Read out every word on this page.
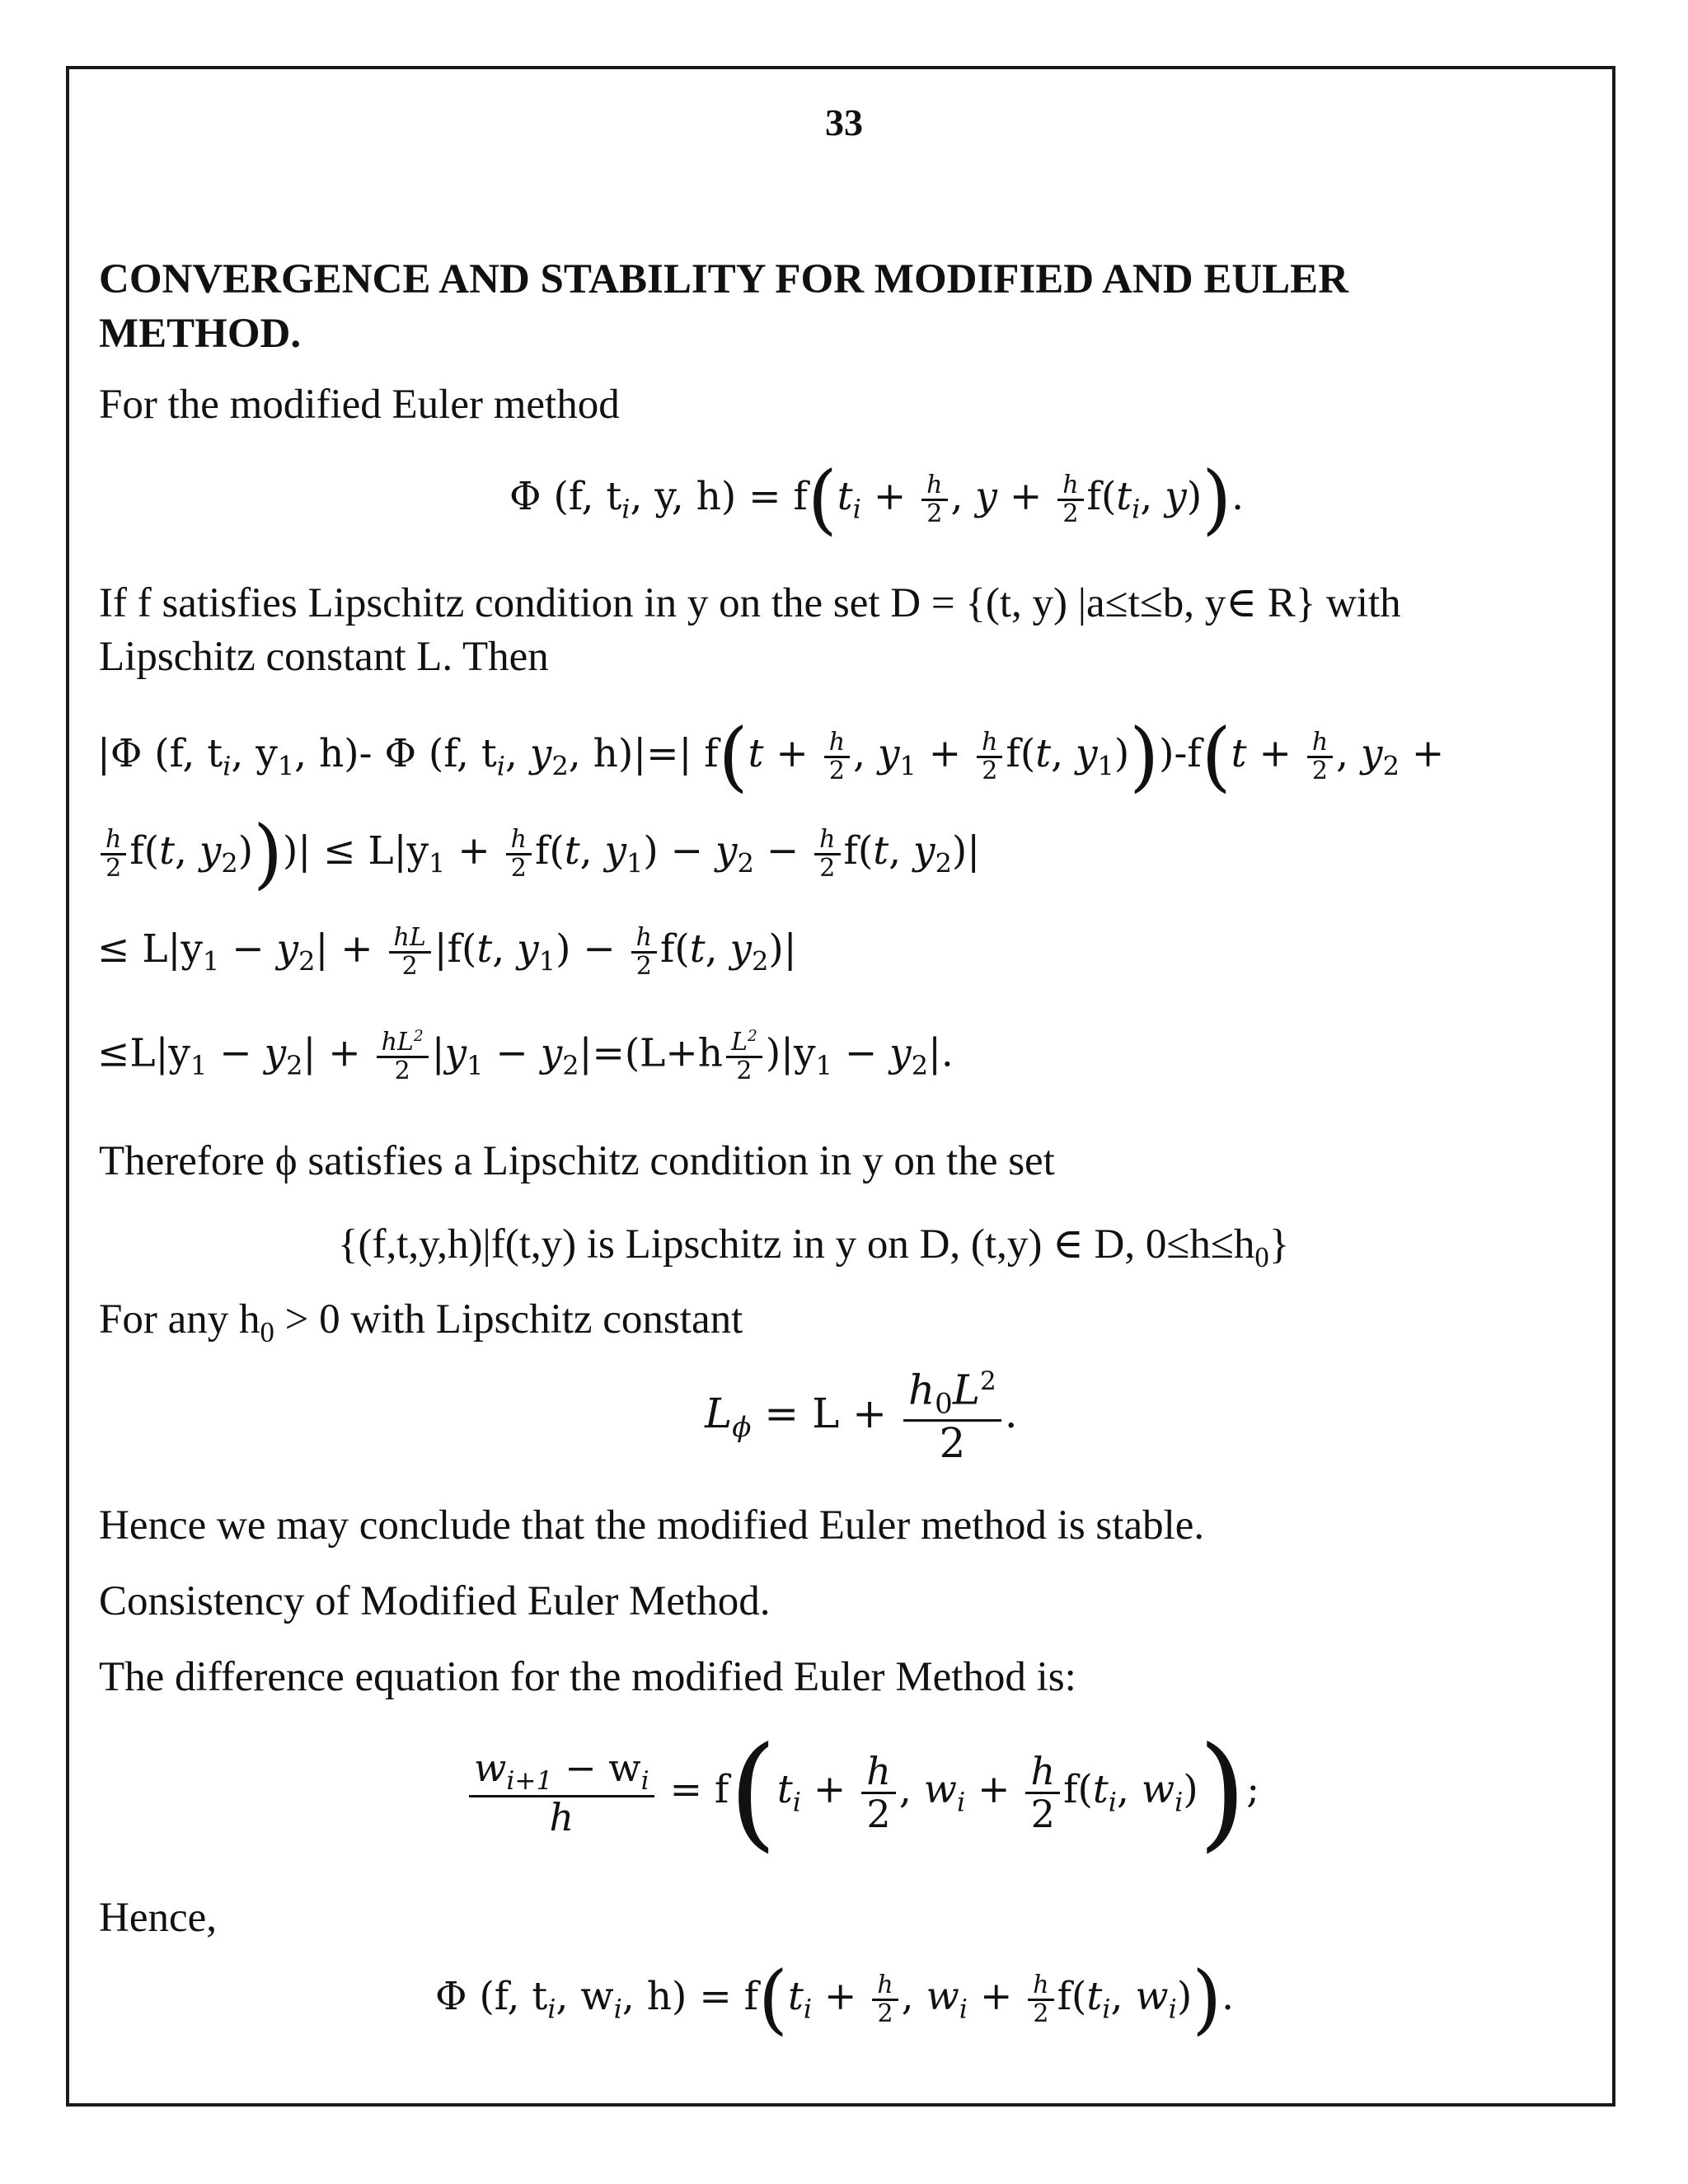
33
CONVERGENCE AND STABILITY FOR MODIFIED AND EULER METHOD.
For the modified Euler method
Φ (f, $t_i$, y, $h) = f(t_i + \frac{h}{2}$ , $y + \frac{h}{2} f(t_i$, y)).
If f satisfies Lipschitz condition in y on the set D = {(t, y) |a≤t≤b, y∈ R} with
Lipschitz constant L. Then
|Φ (f, $t_i$, $y_1$, h)- Φ (f, $t_i$, $y_2$, h)|=| $f(t + \frac{h}{2}$ , $y_1 + \frac{h}{2} f(t$, $y_1)))-f(t + \frac{h}{2}$ , $y_2$ +
$\frac{h}{2} f(t$, $y_2)))| \le L|y_1 + \frac{h}{2} f(t$, $y_1) - y_2 - \frac{h}{2} f(t$, $y_2)|$
≤ $L|y_1 - y_2| + \frac{hL}{2} |f(t$, $y_1) - \frac{h}{2} f(t$, $y_2)|$
$\le L|y_1 - y_2| + \frac{hL^2}{2} |y_1 - y_2|=(L+h \frac{L^2}{2} )|y_1 - y_2|$.
Therefore ϕ satisfies a Lipschitz condition in y on the set
{(f,t,y,h)|f(t,y) is Lipschitz in y on D, (t,y) ∈ D, $0\le h\le h_0$}
For any $h_0 > 0$ with Lipschitz constant
$L_\phi = L + \frac{h_0L^2}{2}$ .
Hence we may conclude that the modified Euler method is stable.
Consistency of Modified Euler Method.
The difference equation for the modified Euler Method is:
$\frac{w_{i+1} - w_i}{h} = f(t_i + \frac{h}{2}$ , $w_i + \frac{h}{2} f(t_i$, $w_i$));
Hence,
Φ (f, $t_i$, $w_i$, $h) = f(t_i + \frac{h}{2}$ , $w_i + \frac{h}{2} f(t_i$, $w_i$)).
